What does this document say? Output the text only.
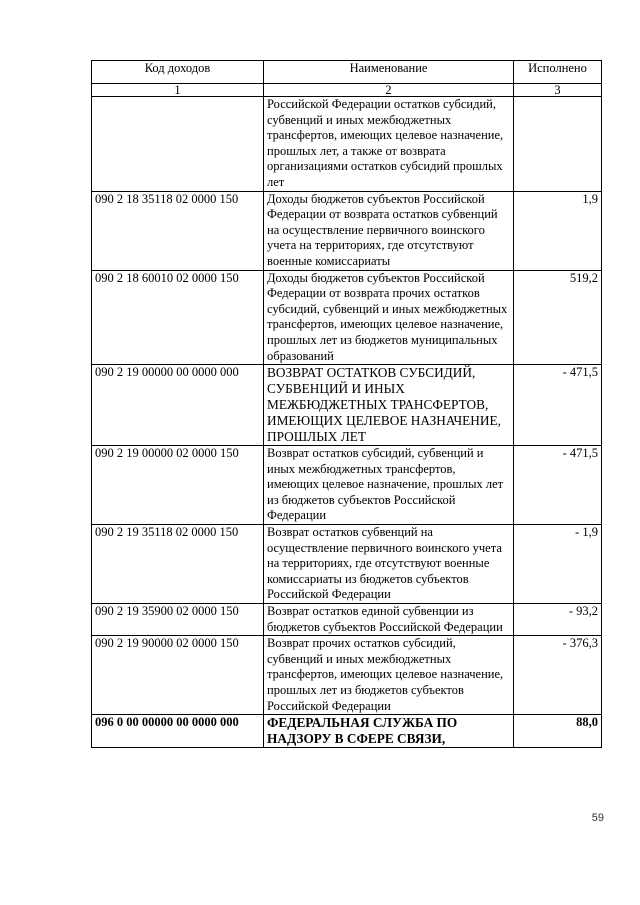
Код доходов	Наименование	Исполнено
1	2	3
	Российской Федерации остатков субсидий, субвенций и иных межбюджетных трансфертов, имеющих целевое назначение, прошлых лет, а также от возврата организациями остатков субсидий прошлых лет	
090 2 18 35118 02 0000 150	Доходы бюджетов субъектов Российской Федерации от возврата остатков субвенций на осуществление первичного воинского учета на территориях, где отсутствуют военные комиссариаты	1,9
090 2 18 60010 02 0000 150	Доходы бюджетов субъектов Российской Федерации от возврата прочих остатков субсидий, субвенций и иных межбюджетных трансфертов, имеющих целевое назначение, прошлых лет из бюджетов муниципальных образований	519,2
090 2 19 00000 00 0000 000	ВОЗВРАТ ОСТАТКОВ СУБСИДИЙ, СУБВЕНЦИЙ И ИНЫХ МЕЖБЮДЖЕТНЫХ ТРАНСФЕРТОВ, ИМЕЮЩИХ ЦЕЛЕВОЕ НАЗНАЧЕНИЕ, ПРОШЛЫХ ЛЕТ	- 471,5
090 2 19 00000 02 0000 150	Возврат остатков субсидий, субвенций и иных межбюджетных трансфертов, имеющих целевое назначение, прошлых лет из бюджетов субъектов Российской Федерации	- 471,5
090 2 19 35118 02 0000 150	Возврат остатков субвенций на осуществление первичного воинского учета на территориях, где отсутствуют военные комиссариаты из бюджетов субъектов Российской Федерации	- 1,9
090 2 19 35900 02 0000 150	Возврат остатков единой субвенции из бюджетов субъектов Российской Федерации	- 93,2
090 2 19 90000 02 0000 150	Возврат прочих остатков субсидий, субвенций и иных межбюджетных трансфертов, имеющих целевое назначение, прошлых лет из бюджетов субъектов Российской Федерации	- 376,3
096 0 00 00000 00 0000 000	ФЕДЕРАЛЬНАЯ СЛУЖБА ПО НАДЗОРУ В СФЕРЕ СВЯЗИ,	88,0
59
